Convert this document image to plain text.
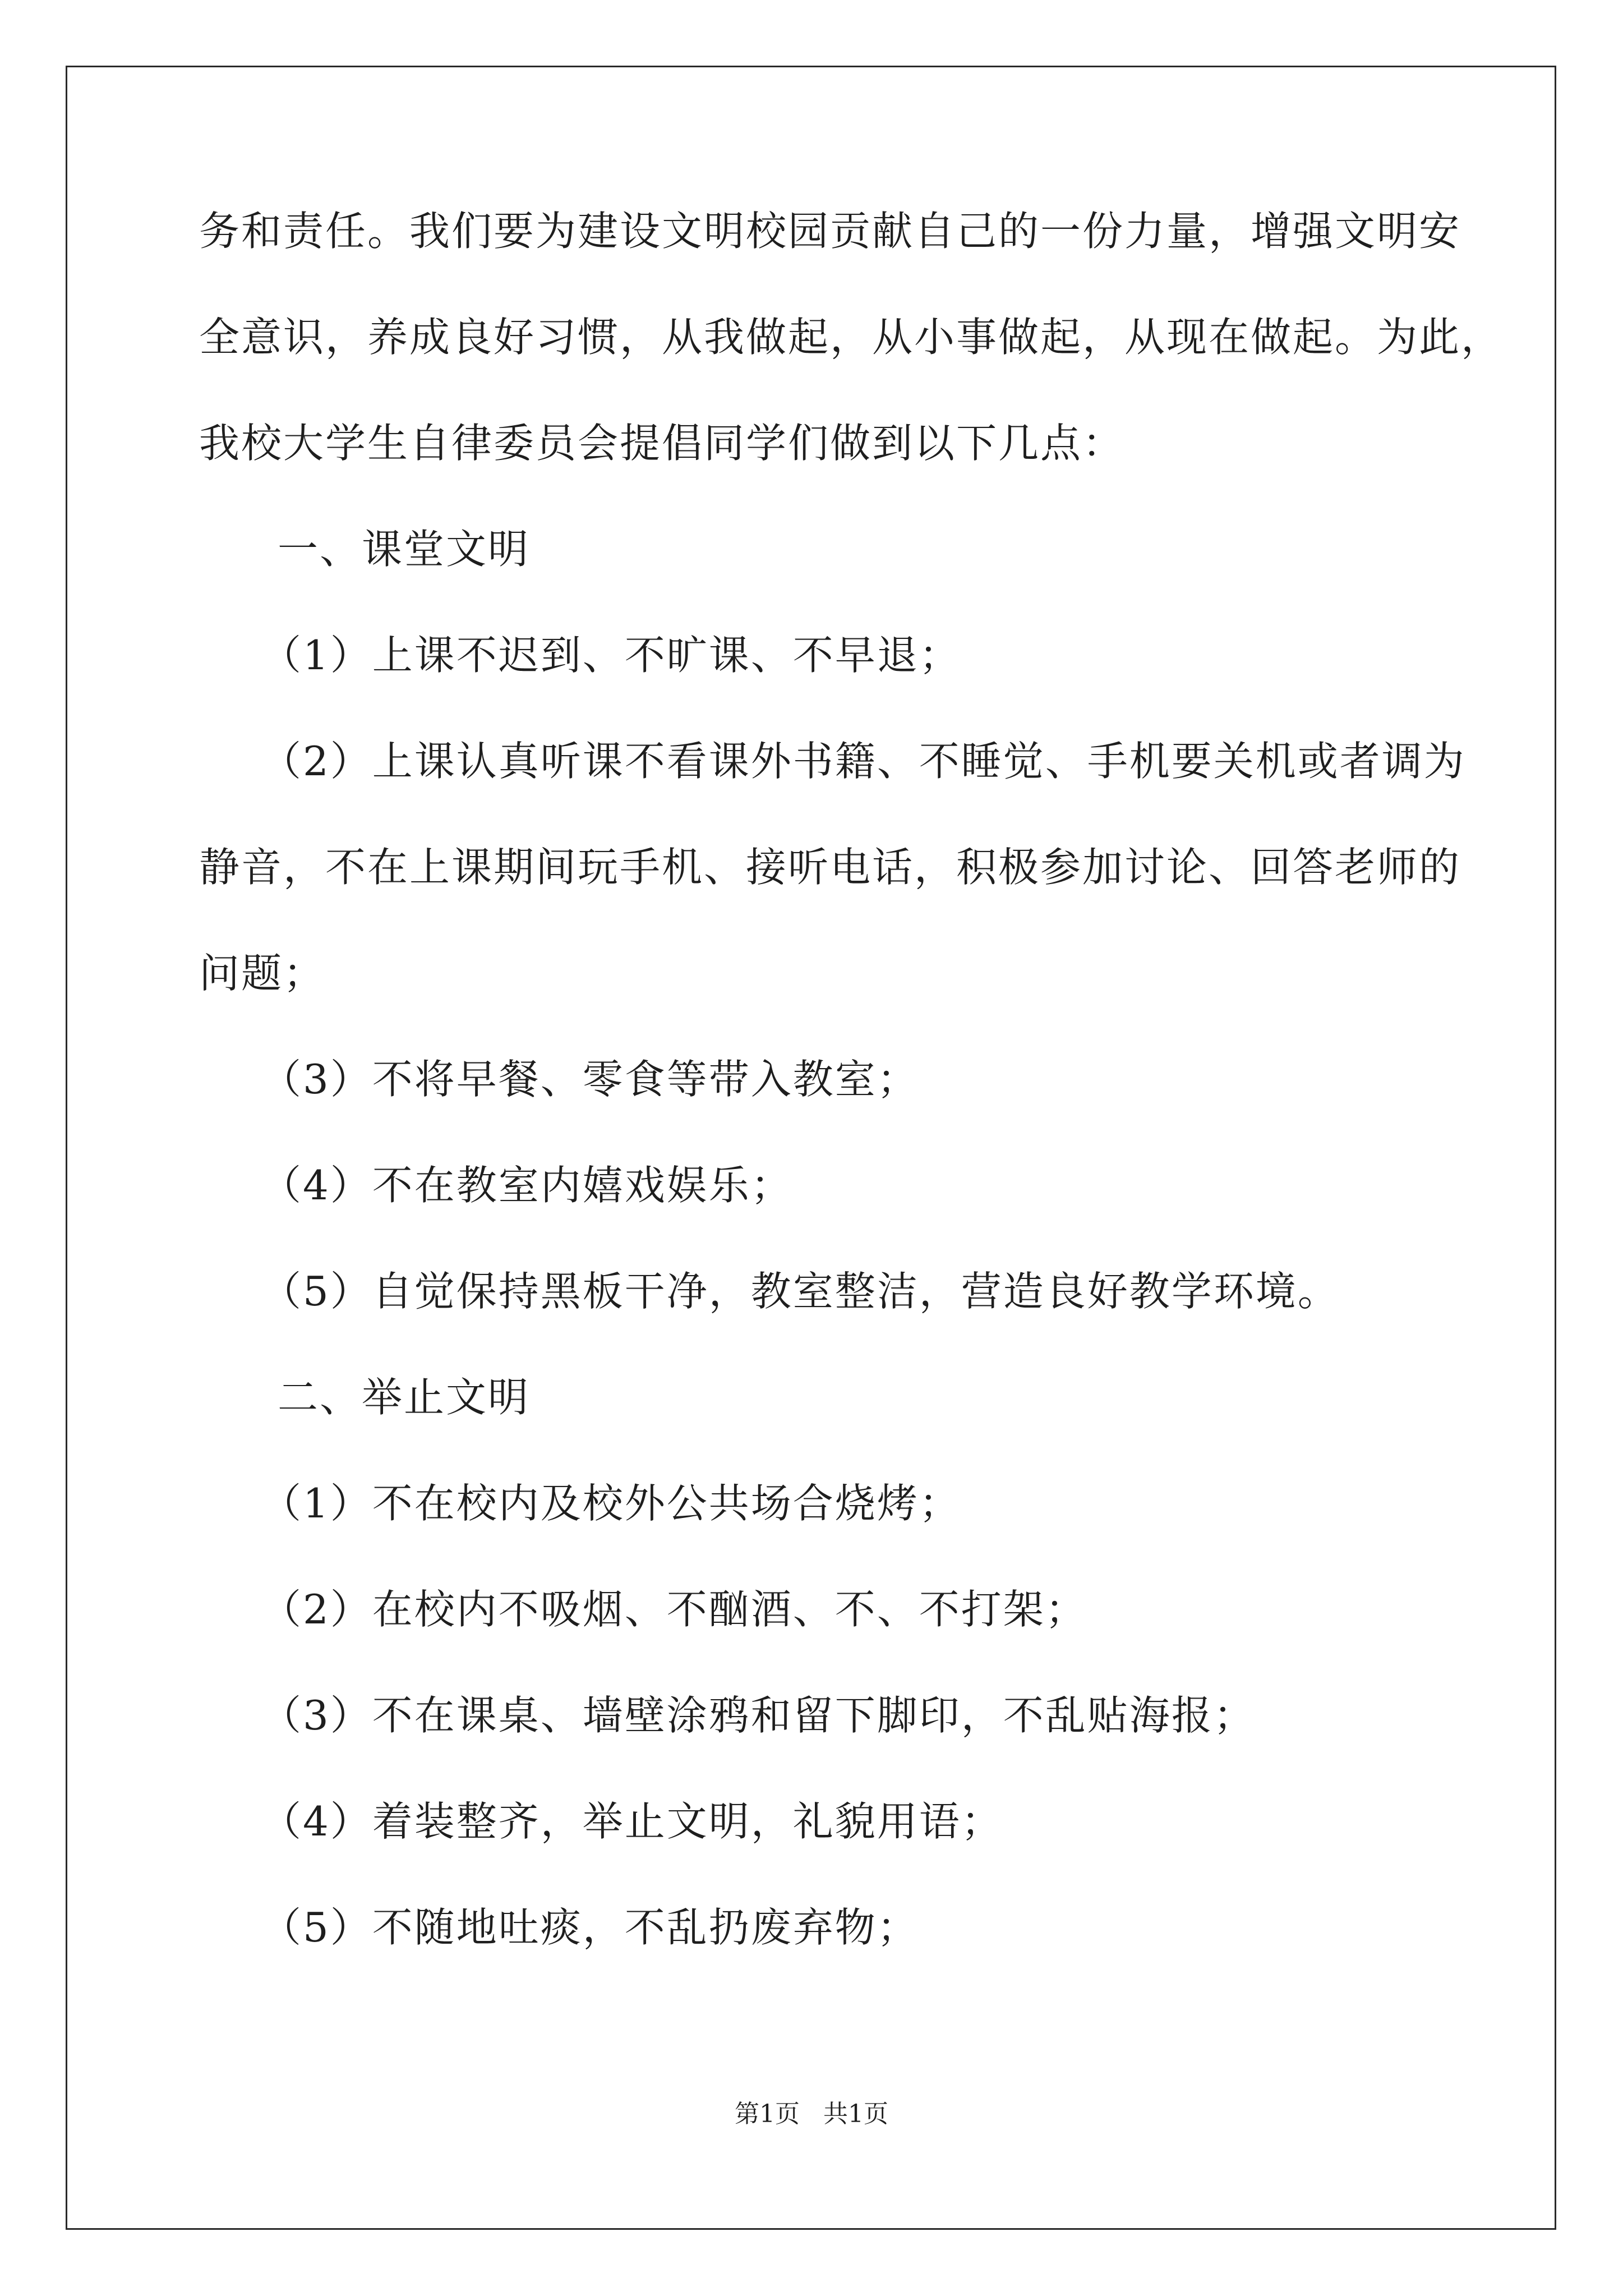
务和责任。我们要为建设文明校园贡献自己的一份力量，增强文明安
全意识，养成良好习惯，从我做起，从小事做起，从现在做起。为此，
我校大学生自律委员会提倡同学们做到以下几点：
一、课堂文明
（1）上课不迟到、不旷课、不早退；
（2）上课认真听课不看课外书籍、不睡觉、手机要关机或者调为
静音，不在上课期间玩手机、接听电话，积极参加讨论、回答老师的
问题；
（3）不将早餐、零食等带入教室；
（4）不在教室内嬉戏娱乐；
（5）自觉保持黑板干净，教室整洁，营造良好教学环境。
二、举止文明
（1）不在校内及校外公共场合烧烤；
（2）在校内不吸烟、不酗酒、不、不打架；
（3）不在课桌、墙壁涂鸦和留下脚印，不乱贴海报；
（4）着装整齐，举止文明，礼貌用语；
（5）不随地吐痰，不乱扔废弃物；
第1页   共1页
